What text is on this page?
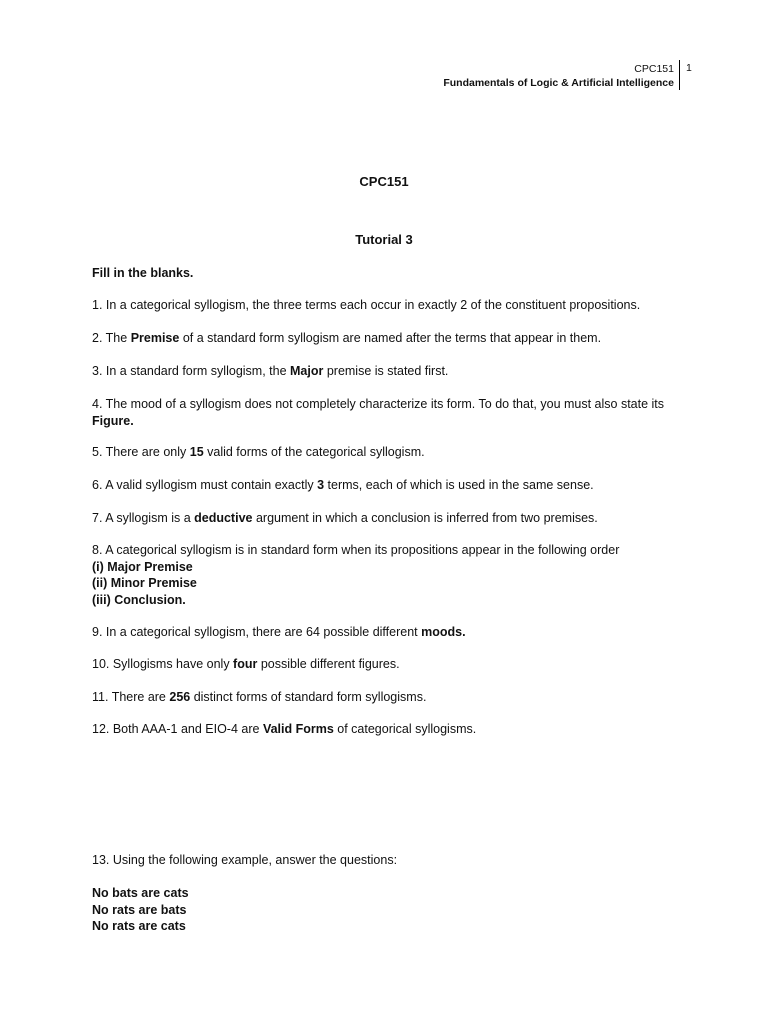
CPC151
Fundamentals of Logic & Artificial Intelligence
1
CPC151
Tutorial 3

Fill in the blanks.

1. In a categorical syllogism, the three terms each occur in exactly 2 of the constituent propositions.

2. The Premise of a standard form syllogism are named after the terms that appear in them.

3. In a standard form syllogism, the Major premise is stated first.

4. The mood of a syllogism does not completely characterize its form. To do that, you must also state its Figure.

5. There are only 15 valid forms of the categorical syllogism.

6. A valid syllogism must contain exactly 3 terms, each of which is used in the same sense.

7. A syllogism is a deductive argument in which a conclusion is inferred from two premises.

8. A categorical syllogism is in standard form when its propositions appear in the following order
(i) Major Premise
(ii) Minor Premise
(iii) Conclusion.

9. In a categorical syllogism, there are 64 possible different moods.

10. Syllogisms have only four possible different figures.

11. There are 256 distinct forms of standard form syllogisms.

12. Both AAA-1 and EIO-4 are Valid Forms of categorical syllogisms.

13. Using the following example, answer the questions:

No bats are cats
No rats are bats
No rats are cats
